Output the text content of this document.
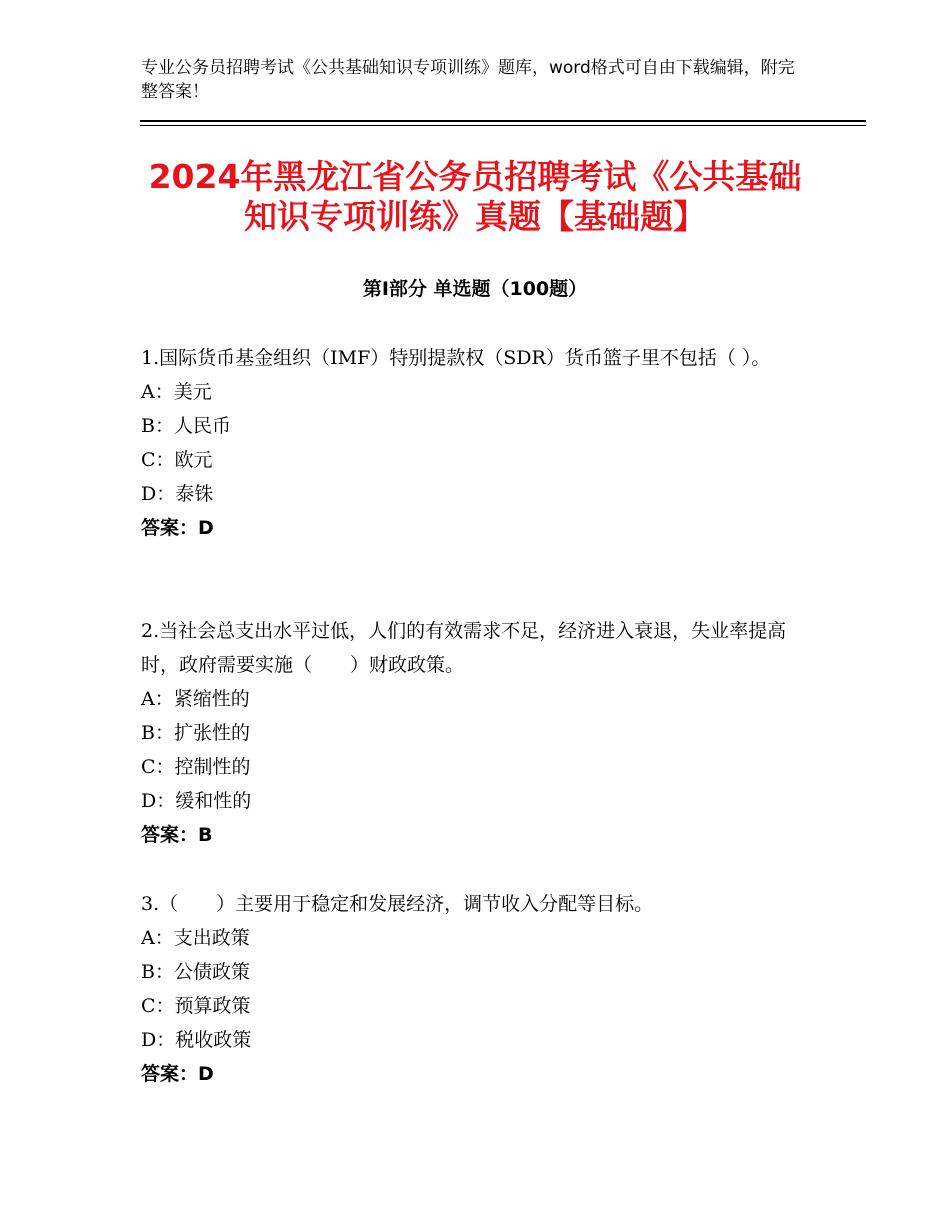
专业公务员招聘考试《公共基础知识专项训练》题库，word格式可自由下载编辑，附完整答案！
2024年黑龙江省公务员招聘考试《公共基础
知识专项训练》真题【基础题】
第Ⅰ部分 单选题（100题）

1.国际货币基金组织（IMF）特别提款权（SDR）货币篮子里不包括（ ）。

A：美元

B：人民币

C：欧元

D：泰铢

答案：D

2.当社会总支出水平过低，人们的有效需求不足，经济进入衰退，失业率提高时，政府需要实施（　　）财政政策。

A：紧缩性的

B：扩张性的

C：控制性的

D：缓和性的

答案：B

3.（　　）主要用于稳定和发展经济，调节收入分配等目标。

A：支出政策

B：公债政策

C：预算政策

D：税收政策

答案：D
